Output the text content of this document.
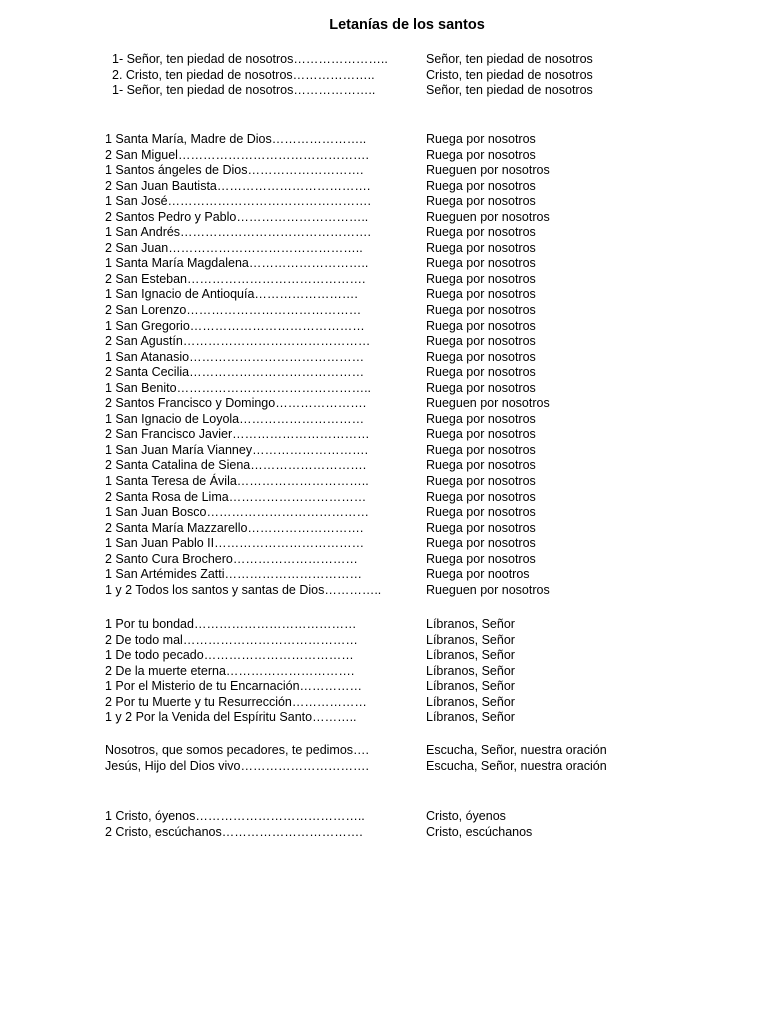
Letanías de los santos
1- Señor, ten piedad de nosotros…………………..	Señor, ten piedad de nosotros
2. Cristo, ten piedad de nosotros………………..	Cristo, ten piedad de nosotros
1- Señor, ten piedad de nosotros………………..	Señor, ten piedad de nosotros
1 Santa María, Madre de Dios…………………..	Ruega por nosotros
2 San Miguel……………………………………….	Ruega por nosotros
1 Santos ángeles de Dios……………………….	Rueguen por nosotros
2 San Juan Bautista……………………………….	Ruega por nosotros
1 San José………………………………………….	Ruega por nosotros
2 Santos Pedro y Pablo…………………………..	Rueguen por nosotros
1 San Andrés……………………………………….	Ruega por nosotros
2 San Juan………………………………………..	Ruega por nosotros
1 Santa María Magdalena………………………..	Ruega por nosotros
2 San Esteban…………………………………….	Ruega por nosotros
1 San Ignacio de Antioquía…………………….	Ruega por nosotros
2 San Lorenzo……………………………………	Ruega por nosotros
1 San Gregorio……………………………………	Ruega por nosotros
2 San Agustín………………………………………	Ruega por nosotros
1 San Atanasio……………………………………	Ruega por nosotros
2 Santa Cecilia……………………………………	Ruega por nosotros
1 San Benito………………………………………..	Ruega por nosotros
2 Santos Francisco y Domingo………………….	Rueguen por nosotros
1 San Ignacio de Loyola…………………………	Ruega por nosotros
2 San Francisco Javier……………………………	Ruega por nosotros
1 San Juan María Vianney……………………….	Ruega por nosotros
2 Santa Catalina de Siena……………………….	Ruega por nosotros
1 Santa Teresa de Ávila…………………………..	Ruega por nosotros
2 Santa Rosa de Lima……………………………	Ruega por nosotros
1 San Juan Bosco…………………………………	Ruega por nosotros
2 Santa María Mazzarello……………………….	Ruega por nosotros
1 San Juan Pablo II………………………………	Ruega por nosotros
2 Santo Cura Brochero…………………………	Ruega por nosotros
1 San Artémides Zatti……………………………	Ruega por nootros
1 y 2 Todos los santos y santas de Dios…………..	Rueguen por nosotros
1 Por tu bondad…………………………………	Líbranos, Señor
2 De todo mal……………………………………	Líbranos, Señor
1 De todo pecado………………………………	Líbranos, Señor
2 De la muerte eterna………………………….	Líbranos, Señor
1 Por el Misterio de tu Encarnación……………	Líbranos, Señor
2 Por tu Muerte y tu Resurrección………………	Líbranos, Señor
1 y 2 Por la Venida del Espíritu Santo………..	Líbranos, Señor
Nosotros, que somos pecadores, te pedimos….	Escucha, Señor, nuestra oración
Jesús, Hijo del Dios vivo………………………….	Escucha, Señor, nuestra oración
1 Cristo, óyenos…………………………………..	Cristo, óyenos
2 Cristo, escúchanos…………………………….	Cristo, escúchanos
